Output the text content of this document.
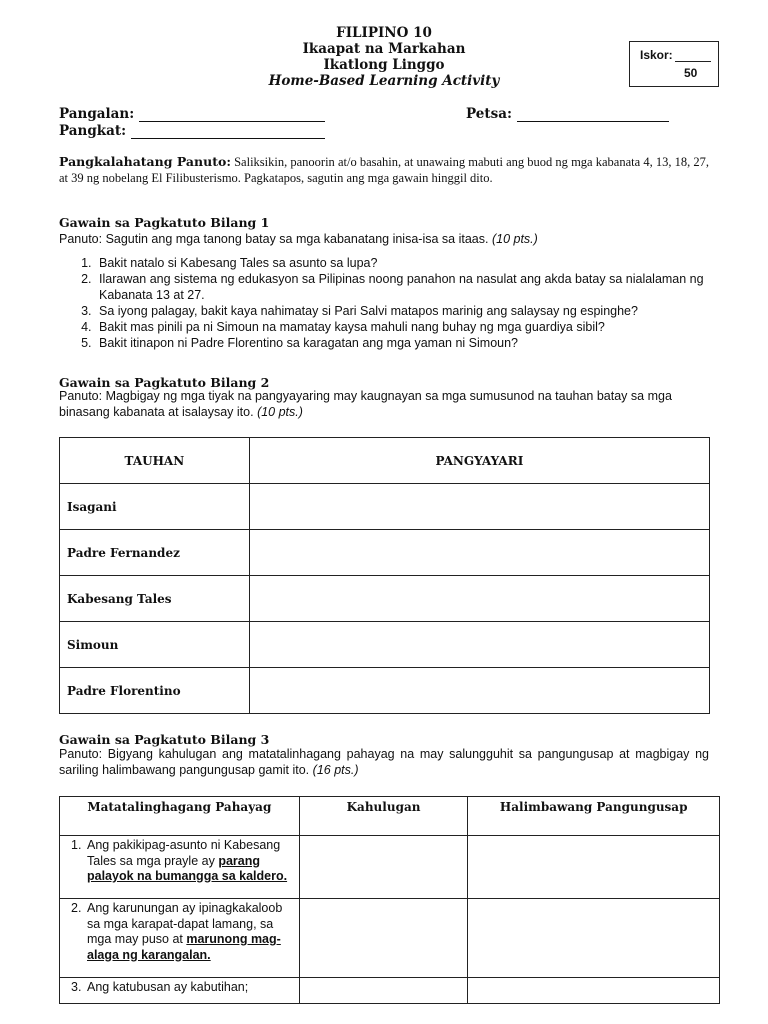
FILIPINO 10
Ikaapat na Markahan
Ikatlong Linggo
Home-Based Learning Activity
Iskor:
50
Pangalan:	Petsa:
Pangkat:
Pangkalahatang Panuto: Saliksikin, panoorin at/o basahin, at unawaing mabuti ang buod ng mga kabanata 4, 13, 18, 27, at 39 ng nobelang El Filibusterismo. Pagkatapos, sagutin ang mga gawain hinggil dito.
Gawain sa Pagkatuto Bilang 1
Panuto: Sagutin ang mga tanong batay sa mga kabanatang inisa-isa sa itaas. (10 pts.)
1. Bakit natalo si Kabesang Tales sa asunto sa lupa?
2. Ilarawan ang sistema ng edukasyon sa Pilipinas noong panahon na nasulat ang akda batay sa nialalaman ng Kabanata 13 at 27.
3. Sa iyong palagay, bakit kaya nahimatay si Pari Salvi matapos marinig ang salaysay ng espinghe?
4. Bakit mas pinili pa ni Simoun na mamatay kaysa mahuli nang buhay ng mga guardiya sibil?
5. Bakit itinapon ni Padre Florentino sa karagatan ang mga yaman ni Simoun?
Gawain sa Pagkatuto Bilang 2
Panuto: Magbigay ng mga tiyak na pangyayaring may kaugnayan sa mga sumusunod na tauhan batay sa mga binasang kabanata at isalaysay ito. (10 pts.)
TAUHAN	PANGYAYARI
Isagani	
Padre Fernandez	
Kabesang Tales	
Simoun	
Padre Florentino	
Gawain sa Pagkatuto Bilang 3
Panuto: Bigyang kahulugan ang matatalinhagang pahayag na may salungguhit sa pangungusap at magbigay ng sariling halimbawang pangungusap gamit ito. (16 pts.)
Matatalinghagang Pahayag	Kahulugan	Halimbawang Pangungusap

1. Ang pakikipag-asunto ni Kabesang Tales sa mga prayle ay parang palayok na bumangga sa kaldero.		

2. Ang karunungan ay ipinagkakaloob sa mga karapat-dapat lamang, sa mga may puso at marunong mag-alaga ng karangalan.		

3. Ang katubusan ay kabutihan;		
